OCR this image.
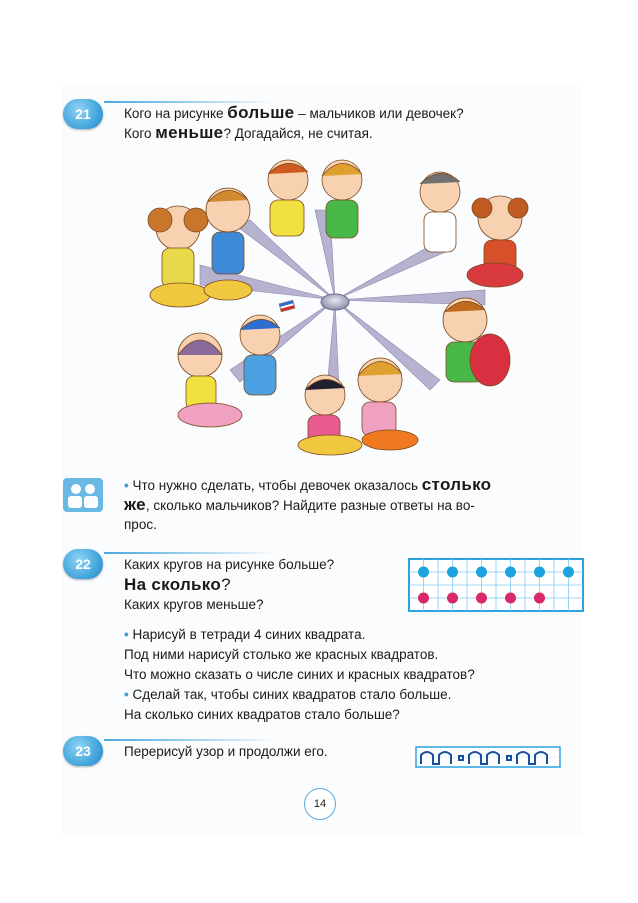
21	Кого на рисунке больше – мальчиков или девочек?
Кого меньше? Догадайся, не считая.
• Что нужно сделать, чтобы девочек оказалось столько
же, сколько мальчиков? Найдите разные ответы на во-
прос.
22	Каких кругов на рисунке больше?
На сколько?
Каких кругов меньше?
• Нарисуй в тетради 4 синих квадрата.
Под ними нарисуй столько же красных квадратов.
Что можно сказать о числе синих и красных квадратов?
• Сделай так, чтобы синих квадратов стало больше.
На сколько синих квадратов стало больше?
23	Перерисуй узор и продолжи его.
14
